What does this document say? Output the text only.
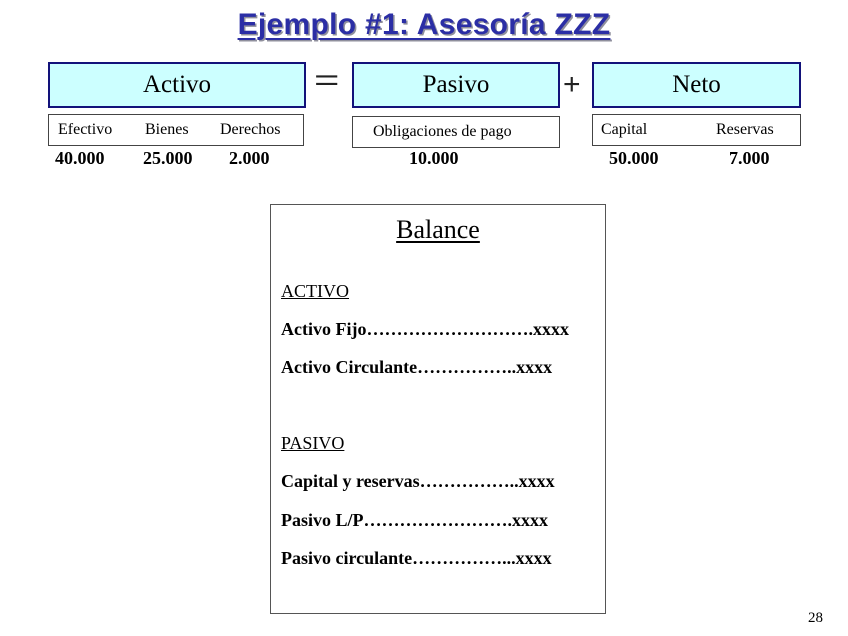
Ejemplo #1: Asesoría ZZZ
Activo	=	Pasivo +	Neto
Efectivo Bienes Derechos	Obligaciones de pago	Capital	Reservas
40.000 25.000 2.000	10.000	50.000	7.000
Balance
ACTIVO
Activo Fijo……………………….xxxx
Activo Circulante……………..xxxx
PASIVO
Capital y reservas……………..xxxx
Pasivo L/P…………………….xxxx
Pasivo circulante……………...xxxx
28
